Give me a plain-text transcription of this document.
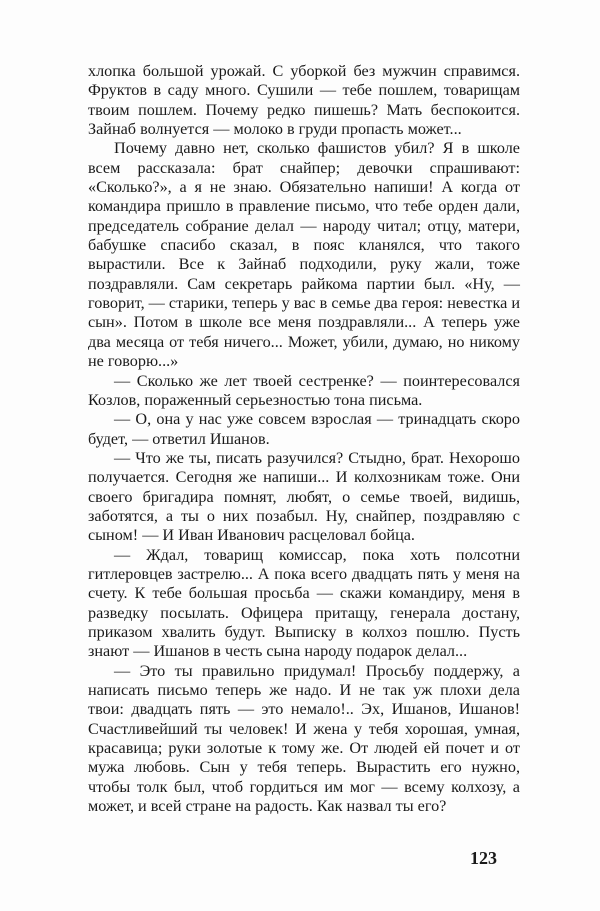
хлопка большой урожай. С уборкой без мужчин справимся. Фруктов в саду много. Сушили — тебе пошлем, товарищам твоим пошлем. Почему редко пишешь? Мать беспокоится. Зайнаб волнуется — молоко в груди пропасть может...

Почему давно нет, сколько фашистов убил? Я в школе всем рассказала: брат снайпер; девочки спрашивают: «Сколько?», а я не знаю. Обязательно напиши! А когда от командира пришло в правление письмо, что тебе орден дали, председатель собрание делал — народу читал; отцу, матери, бабушке спасибо сказал, в пояс кланялся, что такого вырастили. Все к Зайнаб подходили, руку жали, тоже поздравляли. Сам секретарь райкома партии был. «Ну, — говорит, — старики, теперь у вас в семье два героя: невестка и сын». Потом в школе все меня поздравляли... А теперь уже два месяца от тебя ничего... Может, убили, думаю, но никому не говорю...»

— Сколько же лет твоей сестренке? — поинтересовался Козлов, пораженный серьезностью тона письма.

— О, она у нас уже совсем взрослая — тринадцать скоро будет, — ответил Ишанов.

— Что же ты, писать разучился? Стыдно, брат. Нехорошо получается. Сегодня же напиши... И колхозникам тоже. Они своего бригадира помнят, любят, о семье твоей, видишь, заботятся, а ты о них позабыл. Ну, снайпер, поздравляю с сыном! — И Иван Иванович расцеловал бойца.

— Ждал, товарищ комиссар, пока хоть полсотни гитлеровцев застрелю... А пока всего двадцать пять у меня на счету. К тебе большая просьба — скажи командиру, меня в разведку посылать. Офицера притащу, генерала достану, приказом хвалить будут. Выписку в колхоз пошлю. Пусть знают — Ишанов в честь сына народу подарок делал...

— Это ты правильно придумал! Просьбу поддержу, а написать письмо теперь же надо. И не так уж плохи дела твои: двадцать пять — это немало!.. Эх, Ишанов, Ишанов! Счастливейший ты человек! И жена у тебя хорошая, умная, красавица; руки золотые к тому же. От людей ей почет и от мужа любовь. Сын у тебя теперь. Вырастить его нужно, чтобы толк был, чтоб гордиться им мог — всему колхозу, а может, и всей стране на радость. Как назвал ты его?

123
